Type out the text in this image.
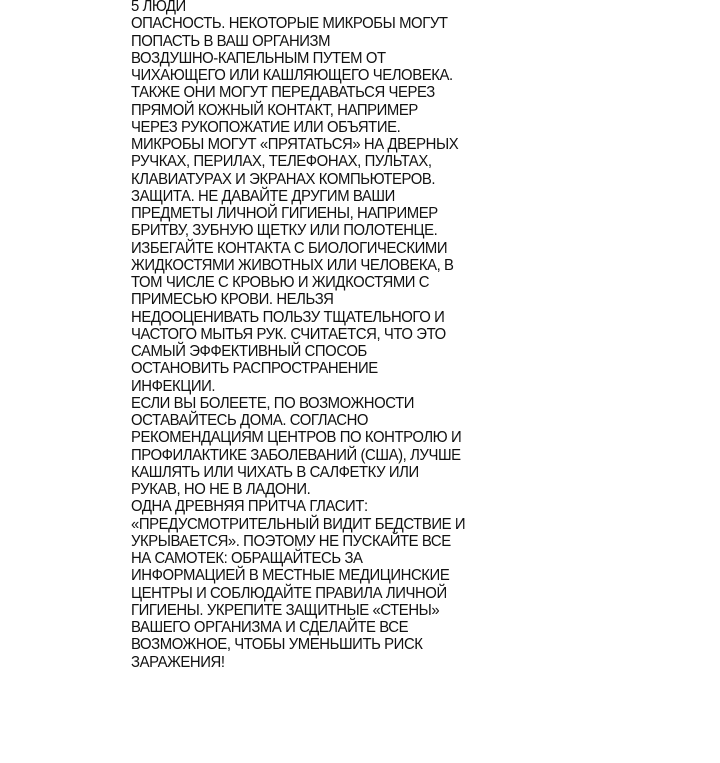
5 ЛЮДИ
ОПАСНОСТЬ. НЕКОТОРЫЕ МИКРОБЫ МОГУТ
ПОПАСТЬ В ВАШ ОРГАНИЗМ
ВОЗДУШНО-КАПЕЛЬНЫМ ПУТЕМ ОТ
ЧИХАЮЩЕГО ИЛИ КАШЛЯЮЩЕГО ЧЕЛОВЕКА.
ТАКЖЕ ОНИ МОГУТ ПЕРЕДАВАТЬСЯ ЧЕРЕЗ
ПРЯМОЙ КОЖНЫЙ КОНТАКТ, НАПРИМЕР
ЧЕРЕЗ РУКОПОЖАТИЕ ИЛИ ОБЪЯТИЕ.
МИКРОБЫ МОГУТ «ПРЯТАТЬСЯ» НА ДВЕРНЫХ
РУЧКАХ, ПЕРИЛАХ, ТЕЛЕФОНАХ, ПУЛЬТАХ,
КЛАВИАТУРАХ И ЭКРАНАХ КОМПЬЮТЕРОВ.
ЗАЩИТА. НЕ ДАВАЙТЕ ДРУГИМ ВАШИ
ПРЕДМЕТЫ ЛИЧНОЙ ГИГИЕНЫ, НАПРИМЕР
БРИТВУ, ЗУБНУЮ ЩЕТКУ ИЛИ ПОЛОТЕНЦЕ.
ИЗБЕГАЙТЕ КОНТАКТА С БИОЛОГИЧЕСКИМИ
ЖИДКОСТЯМИ ЖИВОТНЫХ ИЛИ ЧЕЛОВЕКА, В
ТОМ ЧИСЛЕ С КРОВЬЮ И ЖИДКОСТЯМИ С
ПРИМЕСЬЮ КРОВИ. НЕЛЬЗЯ
НЕДООЦЕНИВАТЬ ПОЛЬЗУ ТЩАТЕЛЬНОГО И
ЧАСТОГО МЫТЬЯ РУК. СЧИТАЕТСЯ, ЧТО ЭТО
САМЫЙ ЭФФЕКТИВНЫЙ СПОСОБ
ОСТАНОВИТЬ РАСПРОСТРАНЕНИЕ
ИНФЕКЦИИ.
ЕСЛИ ВЫ БОЛЕЕТЕ, ПО ВОЗМОЖНОСТИ
ОСТАВАЙТЕСЬ ДОМА. СОГЛАСНО
РЕКОМЕНДАЦИЯМ ЦЕНТРОВ ПО КОНТРОЛЮ И
ПРОФИЛАКТИКЕ ЗАБОЛЕВАНИЙ (США), ЛУЧШЕ
КАШЛЯТЬ ИЛИ ЧИХАТЬ В САЛФЕТКУ ИЛИ
РУКАВ, НО НЕ В ЛАДОНИ.
ОДНА ДРЕВНЯЯ ПРИТЧА ГЛАСИТ:
«ПРЕДУСМОТРИТЕЛЬНЫЙ ВИДИТ БЕДСТВИЕ И
УКРЫВАЕТСЯ». ПОЭТОМУ НЕ ПУСКАЙТЕ ВСЕ
НА САМОТЕК: ОБРАЩАЙТЕСЬ ЗА
ИНФОРМАЦИЕЙ В МЕСТНЫЕ МЕДИЦИНСКИЕ
ЦЕНТРЫ И СОБЛЮДАЙТЕ ПРАВИЛА ЛИЧНОЙ
ГИГИЕНЫ. УКРЕПИТЕ ЗАЩИТНЫЕ «СТЕНЫ»
ВАШЕГО ОРГАНИЗМА И СДЕЛАЙТЕ ВСЕ
ВОЗМОЖНОЕ, ЧТОБЫ УМЕНЬШИТЬ РИСК
ЗАРАЖЕНИЯ!
